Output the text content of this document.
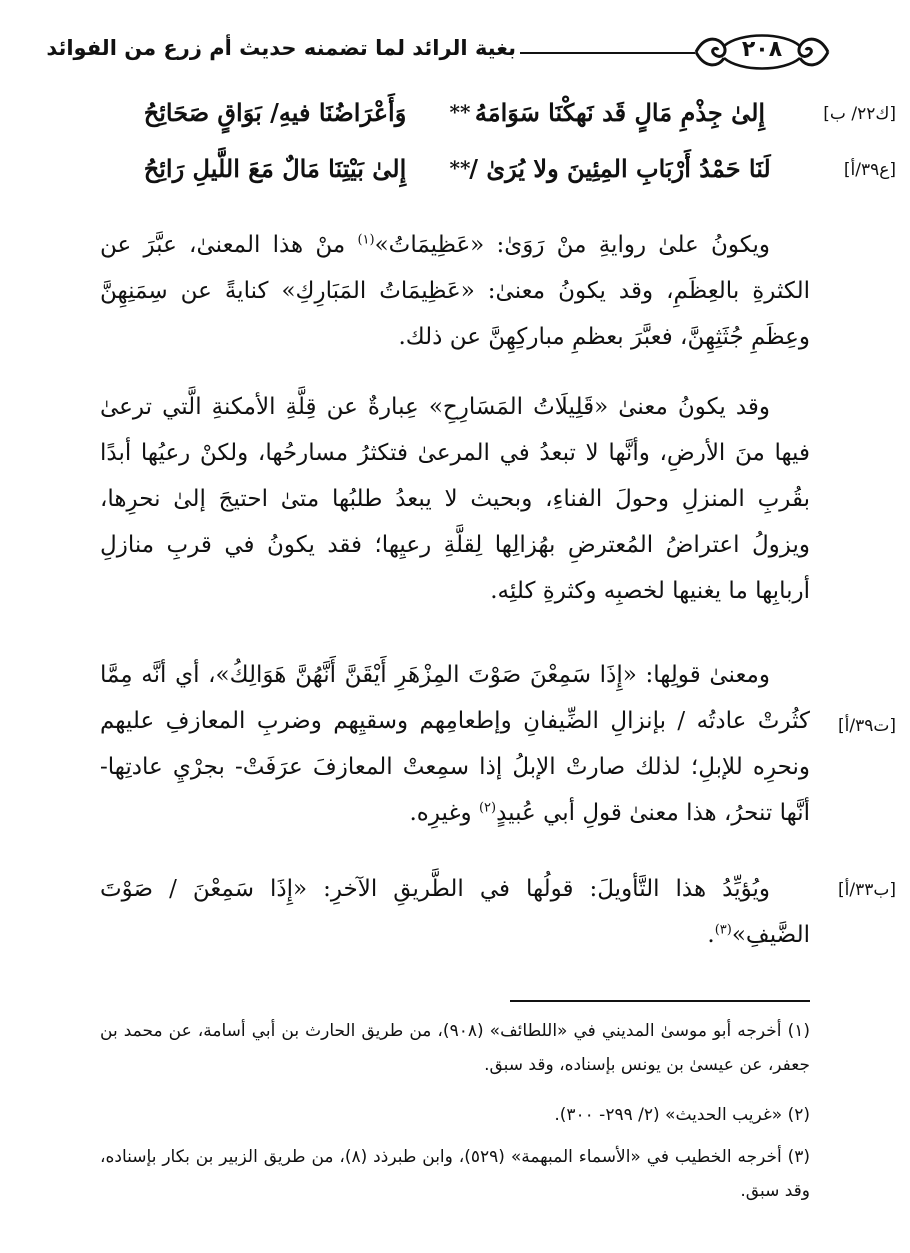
بغية الرائد لما تضمنه حديث أم زرع من الفوائد	٢٠٨
[ك٢٢/ ب]
إِلىٰ جِذْمِ مَالٍ قَد نَهكْنَا سَوَامَهُ
**
وَأَعْرَاضُنَا فيهِ/ بَوَاقٍ صَحَائِحُ
[ع٣٩/أ]
لَنَا حَمْدُ أَرْبَابِ المِئِينَ ولا يُرَىٰ /
**
إِلىٰ بَيْتِنَا مَالٌ مَعَ اللَّيلِ رَائِحُ

ويكونُ علىٰ روايةِ منْ رَوَىٰ: «عَظِيمَاتُ»$^{(١)}$ منْ هذا المعنىٰ، عبَّرَ عن الكثرةِ بالعِظَمِ، وقد يكونُ معنىٰ: «عَظِيمَاتُ المَبَارِكِ» كنايةً عن سِمَنِهِنَّ وعِظَمِ جُثَثِهِنَّ، فعبَّرَ بعظمِ مباركِهِنَّ عن ذلك.

وقد يكونُ معنىٰ «قَلِيلَاتُ المَسَارِحِ» عِبارةٌ عن قِلَّةِ الأمكنةِ الَّتي ترعىٰ فيها منَ الأرضِ، وأنَّها لا تبعدُ في المرعىٰ فتكثرُ مسارحُها، ولكنْ رعيُها أبدًا بقُربِ المنزلِ وحولَ الفناءِ، وبحيث لا يبعدُ طلبُها متىٰ احتيجَ إلىٰ نحرِها، ويزولُ اعتراضُ المُعترضِ بهُزالِها لِقلَّةِ رعيِها؛ فقد يكونُ في قربِ منازلِ أربابِها ما يغنيها لخصبِه وكثرةِ كلئِه.

[ت٣٩/أ]

ومعنىٰ قولِها: «إِذَا سَمِعْنَ صَوْتَ المِزْهَرِ أَيْقَنَّ أَنَّهُنَّ هَوَالِكُ»، أي أنَّه مِمَّا كثُرتْ عادتُه / بإنزالِ الضِّيفانِ وإطعامِهم وسقيِهم وضربِ المعازفِ عليهم ونحرِه للإبلِ؛ لذلك صارتْ الإبلُ إذا سمِعتْ المعازفَ عرَفَتْ- بجرْيِ عادتِها- أنَّها تنحرُ، هذا معنىٰ قولِ أبي عُبيدٍ$^{(٢)}$ وغيرِه.

[ب٣٣/أ]

ويُؤيِّدُ هذا التَّأويلَ: قولُها في الطَّريقِ الآخرِ: «إِذَا سَمِعْنَ / صَوْتَ الضَّيفِ»$^{(٣)}$.

(١) أخرجه أبو موسىٰ المديني في «اللطائف» (٩٠٨)، من طريق الحارث بن أبي أسامة، عن محمد بن جعفر، عن عيسىٰ بن يونس بإسناده، وقد سبق.

(٢) «غريب الحديث» (٢/ ٢٩٩- ٣٠٠).

(٣) أخرجه الخطيب في «الأسماء المبهمة» (٥٢٩)، وابن طبرذد (٨)، من طريق الزبير بن بكار بإسناده، وقد سبق.
